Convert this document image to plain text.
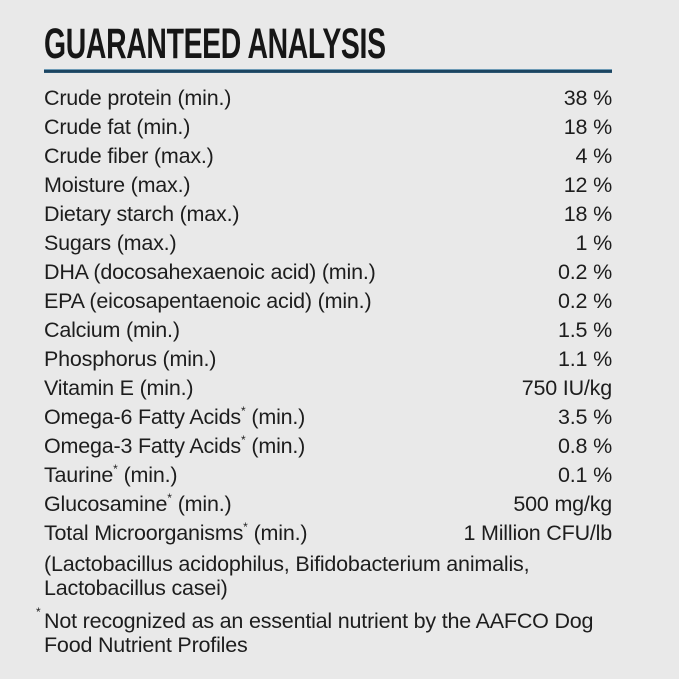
GUARANTEED ANALYSIS
Crude protein (min.)	38 %
Crude fat (min.)	18 %
Crude fiber (max.)	4 %
Moisture (max.)	12 %
Dietary starch (max.)	18 %
Sugars (max.)	1 %
DHA (docosahexaenoic acid) (min.)	0.2 %
EPA (eicosapentaenoic acid) (min.)	0.2 %
Calcium (min.)	1.5 %
Phosphorus (min.)	1.1 %
Vitamin E (min.)	750 IU/kg
Omega-6 Fatty Acids* (min.)	3.5 %
Omega-3 Fatty Acids* (min.)	0.8 %
Taurine* (min.)	0.1 %
Glucosamine* (min.)	500 mg/kg
Total Microorganisms* (min.)	1 Million CFU/lb
(Lactobacillus acidophilus, Bifidobacterium animalis, Lactobacillus casei)
* Not recognized as an essential nutrient by the AAFCO Dog Food Nutrient Profiles
